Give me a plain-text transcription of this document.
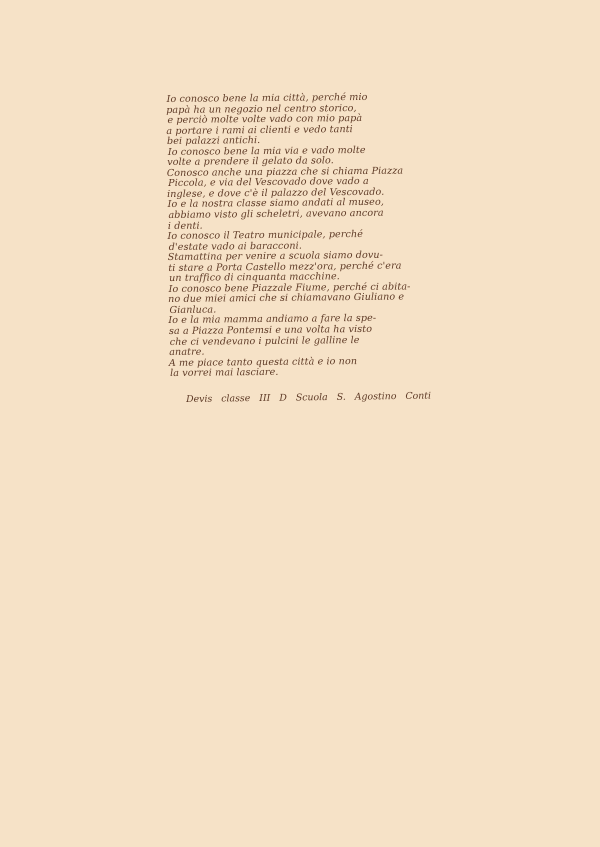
Io conosco bene la mia città, perché mio
papà ha un negozio nel centro storico,
e perciò molte volte vado con mio papà
a portare i rami ai clienti e vedo tanti
bei palazzi antichi.
Io conosco bene la mia via e vado molte
volte a prendere il gelato da solo.
Conosco anche una piazza che si chiama Piazza
Piccola, e via del Vescovado dove vado a
inglese, e dove c'è il palazzo del Vescovado.
Io e la nostra classe siamo andati al museo,
abbiamo visto gli scheletri, avevano ancora
i denti.
Io conosco il Teatro municipale, perché
d'estate vado ai baracconi.
Stamattina per venire a scuola siamo dovu-
ti stare a Porta Castello mezz'ora, perché c'era
un traffico di cinquanta macchine.
Io conosco bene Piazzale Fiume, perché ci abita-
no due miei amici che si chiamavano Giuliano e
Gianluca.
Io e la mia mamma andiamo a fare la spe-
sa a Piazza Pontemsi e una volta ha visto
che ci vendevano i pulcini le galline le
anatre.
A me piace tanto questa città e io non
la vorrei mai lasciare.
Devis classe III D Scuola S. Agostino Conti
